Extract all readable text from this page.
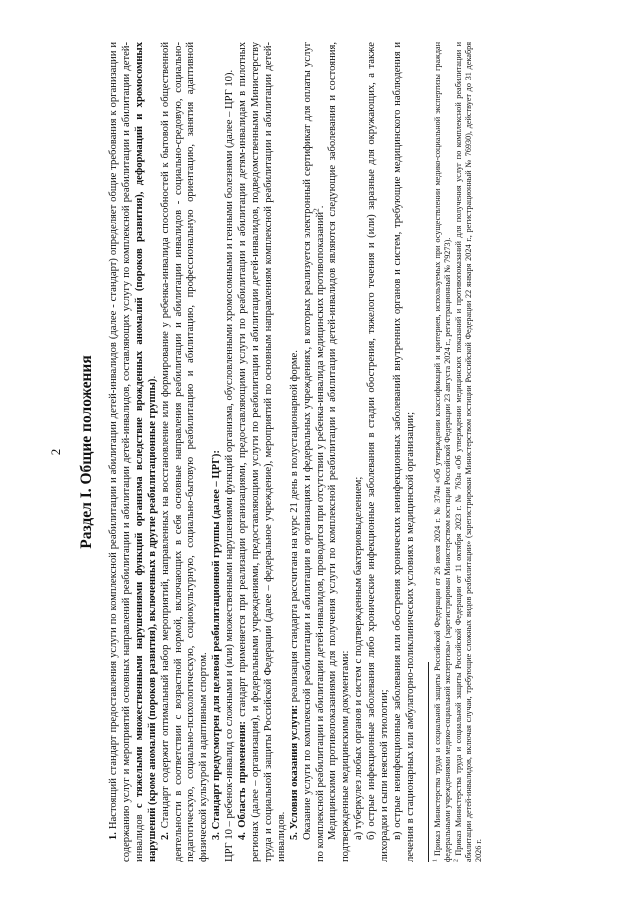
2 Раздел I. Общие положения

1. Настоящий стандарт предоставления услуги по комплексной реабилитации и абилитации детей-инвалидов (далее - стандарт) определяет общие требования к организации и содержанию услуг и мероприятий основных направлений реабилитации и абилитации детей-инвалидов, составляющих услугу по комплексной реабилитации и абилитации детей-инвалидов с тяжелыми множественными нарушениями функций организма вследствие врожденных аномалий (пороков развития), деформаций и хромосомных нарушений (кроме аномалий (пороков развития), включенных в другие реабилитационные группы).

2. Стандарт содержит оптимальный набор мероприятий, направленных на восстановление или формирование у ребенка-инвалида способностей к бытовой и общественной деятельности в соответствии с возрастной нормой, включающих в себя основные направления реабилитации и абилитации инвалидов - социально-средовую, социально-педагогическую, социально-психологическую, социокультурную, социально-бытовую реабилитацию и абилитацию, профессиональную ориентацию, занятия адаптивной физической культурой и адаптивным спортом. 3. Стандарт предусмотрен для целевой реабилитационной группы (далее – ЦРГ): ЦРГ 10 – ребенок-инвалид со сложными и (или) множественными нарушениями функций организма, обусловленными хромосомными и генными болезнями (далее – ЦРГ 10). 4. Область применения: стандарт применяется при реализации организациями, предоставляющими услуги по реабилитации и абилитации детям-инвалидам в пилотных регионах (далее – организация), и федеральными учреждениями, предоставляющими услуги по реабилитации и абилитации детей-инвалидов, подведомственными Министерству труда и социальной защиты Российской Федерации (далее – федеральное учреждение), мероприятий по основным направлениям комплексной реабилитации и абилитации детей-инвалидов. 5. Условия оказания услуги: реализация стандарта рассчитана на курс 21 день в полустационарной форме. Оказание услуги по комплексной реабилитации и абилитации в организациях и федеральных учреждениях, в которых реализуется электронный сертификат для оплаты услуг по комплексной реабилитации и абилитации детей-инвалидов, проводится при отсутствии у ребенка-инвалида медицинских противопоказаний$^2$. Медицинскими противопоказаниями для получения услуги по комплексной реабилитации и абилитации детей-инвалидов являются следующие заболевания и состояния, подтвержденные медицинскими документами: а) туберкулез любых органов и систем с подтвержденным бактериовыделением; б) острые инфекционные заболевания либо хронические инфекционные заболевания в стадии обострения, тяжелого течения и (или) заразные для окружающих, а также лихорадки и сыпи неясной этиологии; в) острые неинфекционные заболевания или обострения хронических неинфекционных заболеваний внутренних органов и систем, требующие медицинского наблюдения и лечения в стационарных или амбулаторно-поликлинических условиях в медицинской организации;	$^1$ Приказ Министерства труда и социальной защиты Российской Федерации от 26 июля 2024 г. № 374н «Об утверждении классификаций и критериев, используемых при осуществлении медико-социальной экспертизы граждан федеральными учреждениями медико-социальной экспертизы» (зарегистрирован Министерством юстиции Российской Федерации 23 августа 2024 г., регистрационный № 79273). $^2$ Приказ Министерства труда и социальной защиты Российской Федерации от 11 октября 2023 г. № 763н «Об утверждении медицинских показаний и противопоказаний для получения услуг по комплексной реабилитации и абилитации детей-инвалидов, включая случаи, требующие сложных видов реабилитации» (зарегистрирован Министерством юстиции Российской Федерации 22 января 2024 г., регистрационный № 76930), действует до 31 декабря 2026 г.
